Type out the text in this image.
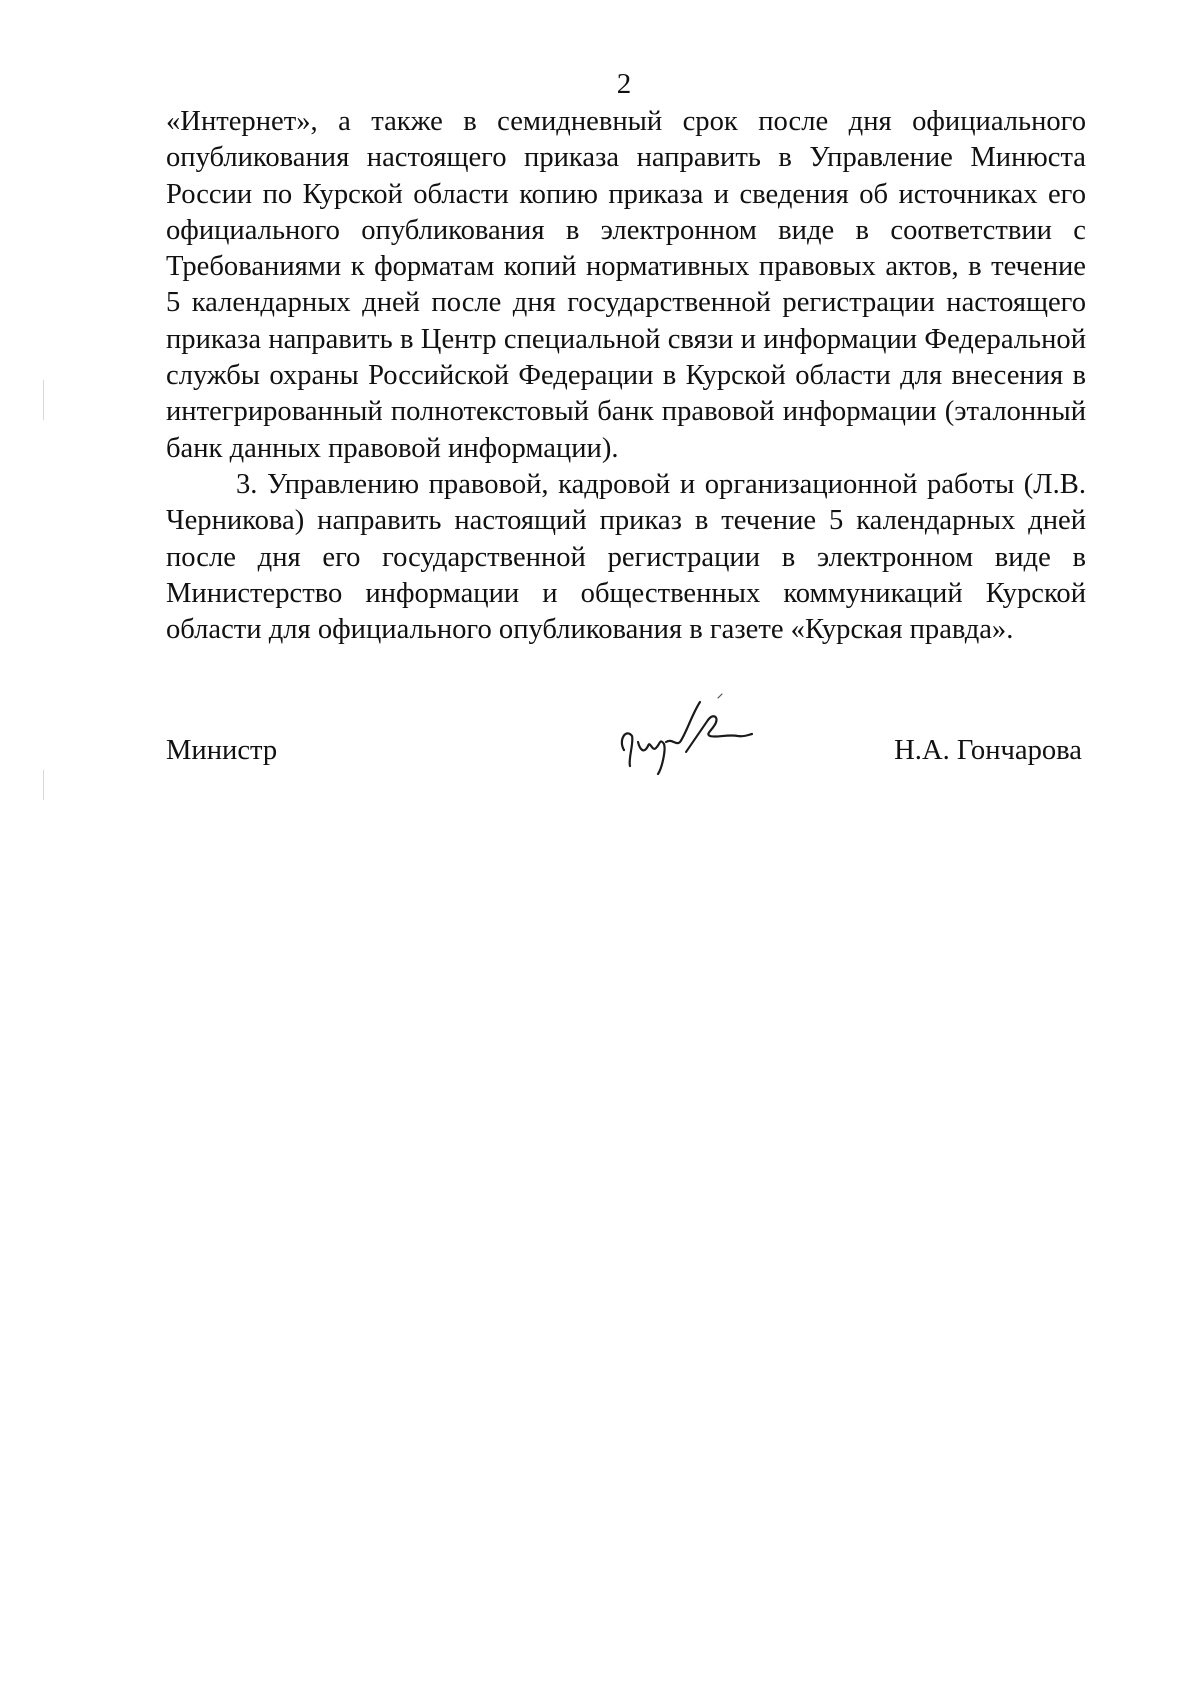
2

«Интернет», а также в семидневный срок после дня официального опубликования настоящего приказа направить в Управление Минюста России по Курской области копию приказа и сведения об источниках его официального опубликования в электронном виде в соответствии с Требованиями к форматам копий нормативных правовых актов, в течение 5 календарных дней после дня государственной регистрации настоящего приказа направить в Центр специальной связи и информации Федеральной службы охраны Российской Федерации в Курской области для внесения в интегрированный полнотекстовый банк правовой информации (эталонный банк данных правовой информации).

3. Управлению правовой, кадровой и организационной работы (Л.В. Черникова) направить настоящий приказ в течение 5 календарных дней после дня его государственной регистрации в электронном виде в Министерство информации и общественных коммуникаций Курской области для официального опубликования в газете «Курская правда».

Министр	Н.А. Гончарова
